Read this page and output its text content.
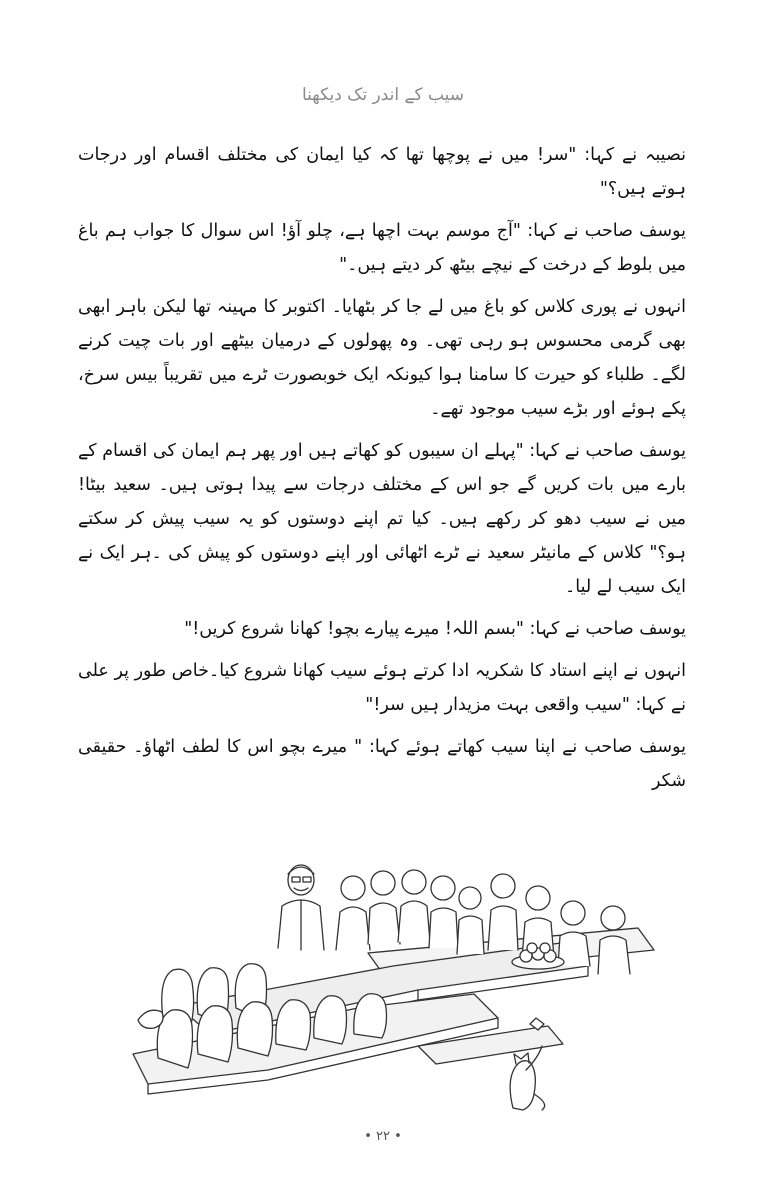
سیب کے اندر تک دیکھنا

نصیبہ نے کہا: "سر! میں نے پوچھا تھا کہ کیا ایمان کی مختلف اقسام اور درجات ہوتے ہیں؟"

یوسف صاحب نے کہا: "آج موسم بہت اچھا ہے، چلو آؤ! اس سوال کا جواب ہم باغ میں بلوط کے درخت کے نیچے بیٹھ کر دیتے ہیں۔"

انہوں نے پوری کلاس کو باغ میں لے جا کر بٹھایا۔ اکتوبر کا مہینہ تھا لیکن باہر ابھی بھی گرمی محسوس ہو رہی تھی۔ وہ پھولوں کے درمیان بیٹھے اور بات چیت کرنے لگے۔ طلباء کو حیرت کا سامنا ہوا کیونکہ ایک خوبصورت ٹرے میں تقریباً بیس سرخ، پکے ہوئے اور بڑے سیب موجود تھے۔

یوسف صاحب نے کہا: "پہلے ان سیبوں کو کھاتے ہیں اور پھر ہم ایمان کی اقسام کے بارے میں بات کریں گے جو اس کے مختلف درجات سے پیدا ہوتی ہیں۔ سعید بیٹا! میں نے سیب دھو کر رکھے ہیں۔ کیا تم اپنے دوستوں کو یہ سیب پیش کر سکتے ہو؟" کلاس کے مانیٹر سعید نے ٹرے اٹھائی اور اپنے دوستوں کو پیش کی ۔ہر ایک نے ایک سیب لے لیا۔

یوسف صاحب نے کہا: "بسم اللہ! میرے پیارے بچو! کھانا شروع کریں!"

انہوں نے اپنے استاد کا شکریہ ادا کرتے ہوئے سیب کھانا شروع کیا۔خاص طور پر علی نے کہا: "سیب واقعی بہت مزیدار ہیں سر!"

یوسف صاحب نے اپنا سیب کھاتے ہوئے کہا: " میرے بچو اس کا لطف اٹھاؤ۔ حقیقی شکر

• ۲۲ •
